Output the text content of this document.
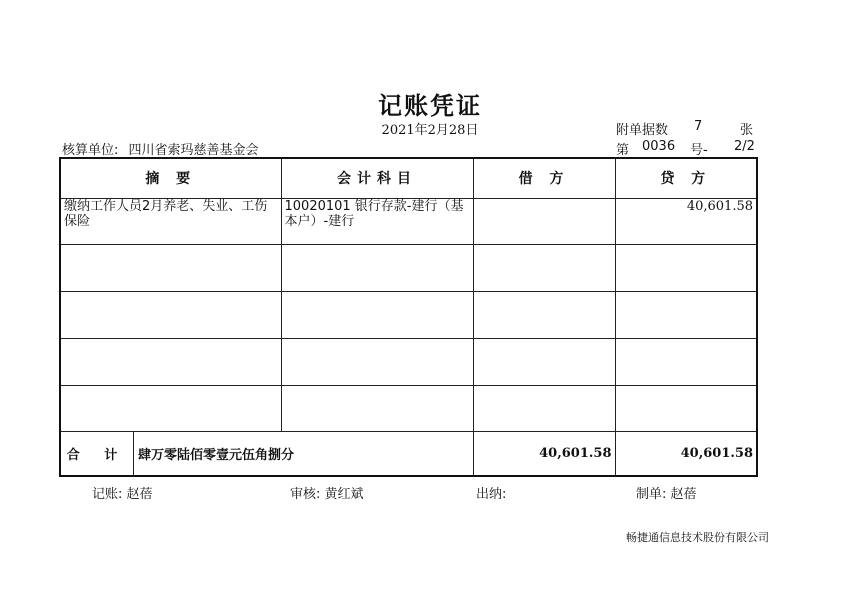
记账凭证
2021年2月28日
核算单位: 四川省索玛慈善基金会
附单据数 7	张
第 0036 号- 2/2
摘 要	会计科目	借 方	贷 方
缴纳工作人员2月养老、失业、工伤保险	10020101 银行存款-建行（基本户）-建行		40,601.58

合 计 肆万零陆佰零壹元伍角捌分		40,601.58	40,601.58
记账: 赵蓓	审核: 黄红斌	出纳:	制单: 赵蓓
畅捷通信息技术股份有限公司
